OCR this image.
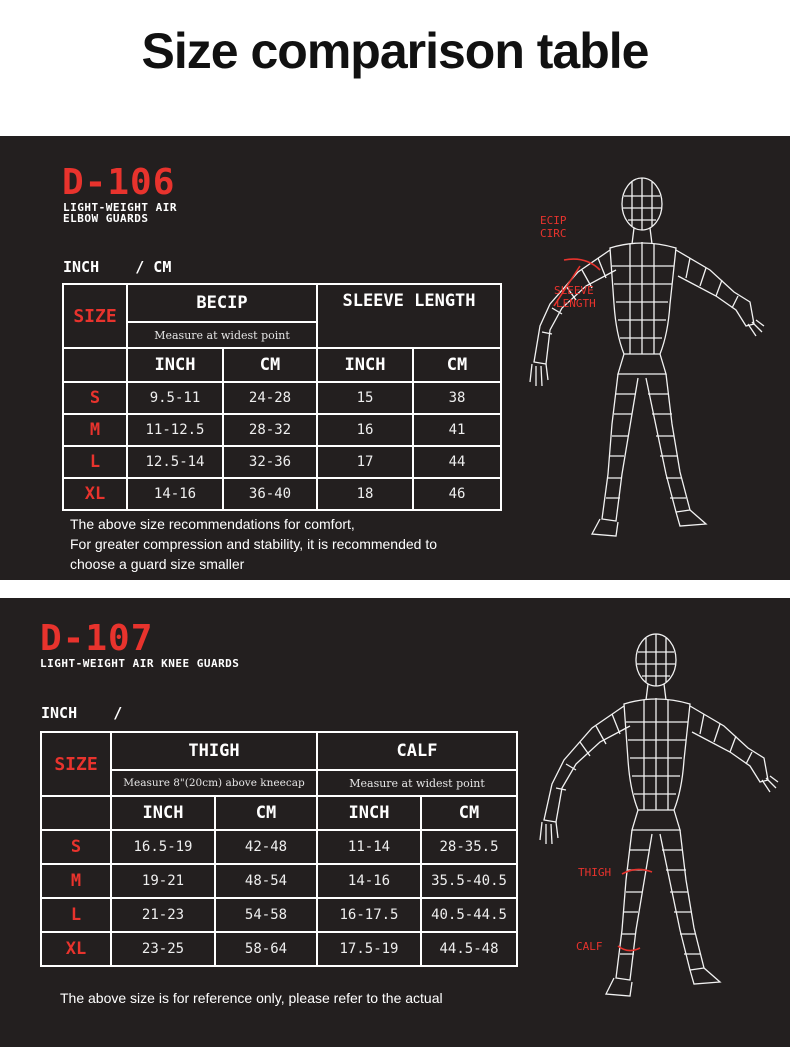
Size comparison table
D-106
LIGHT-WEIGHT AIR
ELBOW GUARDS
INCH    / CM
SIZE	BECIP		SLEEVE LENGTH	
	Measure at widest point			
	INCH	CM	INCH	CM
S	9.5-11	24-28	15	38
M	11-12.5	28-32	16	41
L	12.5-14	32-36	17	44
XL	14-16	36-40	18	46
The above size recommendations for comfort,
For greater compression and stability, it is recommended to
choose a guard size smaller
ECIP
CIRC
SLEEVE
LENGTH
D-107
LIGHT-WEIGHT AIR KNEE GUARDS
INCH    /
SIZE	THIGH		CALF	
	Measure 8"(20cm) above kneecap		Measure at widest point	
	INCH	CM	INCH	CM
S	16.5-19	42-48	11-14	28-35.5
M	19-21	48-54	14-16	35.5-40.5
L	21-23	54-58	16-17.5	40.5-44.5
XL	23-25	58-64	17.5-19	44.5-48
The above size is for reference only, please refer to the actual
THIGH
CALF
